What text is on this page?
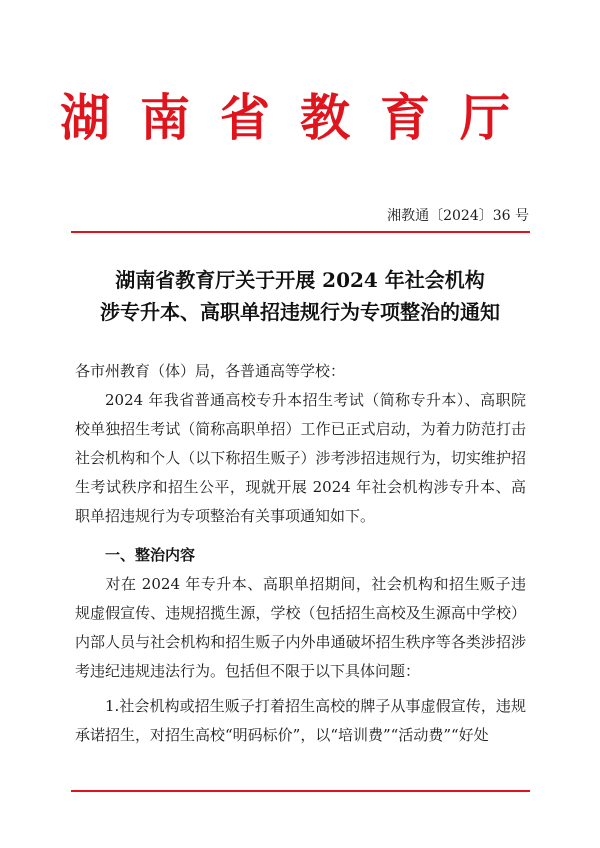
湖南省教育厅
湘教通〔2024〕36 号
湖南省教育厅关于开展 2024 年社会机构
涉专升本、高职单招违规行为专项整治的通知
各市州教育（体）局，各普通高等学校：
2024 年我省普通高校专升本招生考试（简称专升本）、高职院校单独招生考试（简称高职单招）工作已正式启动，为着力防范打击社会机构和个人（以下称招生贩子）涉考涉招违规行为，切实维护招生考试秩序和招生公平，现就开展 2024 年社会机构涉专升本、高职单招违规行为专项整治有关事项通知如下。
一、整治内容
对在 2024 年专升本、高职单招期间，社会机构和招生贩子违规虚假宣传、违规招揽生源，学校（包括招生高校及生源高中学校）内部人员与社会机构和招生贩子内外串通破坏招生秩序等各类涉招涉考违纪违规违法行为。包括但不限于以下具体问题：
1.社会机构或招生贩子打着招生高校的牌子从事虚假宣传，违规承诺招生，对招生高校“明码标价”，以“培训费”“活动费”“好处
